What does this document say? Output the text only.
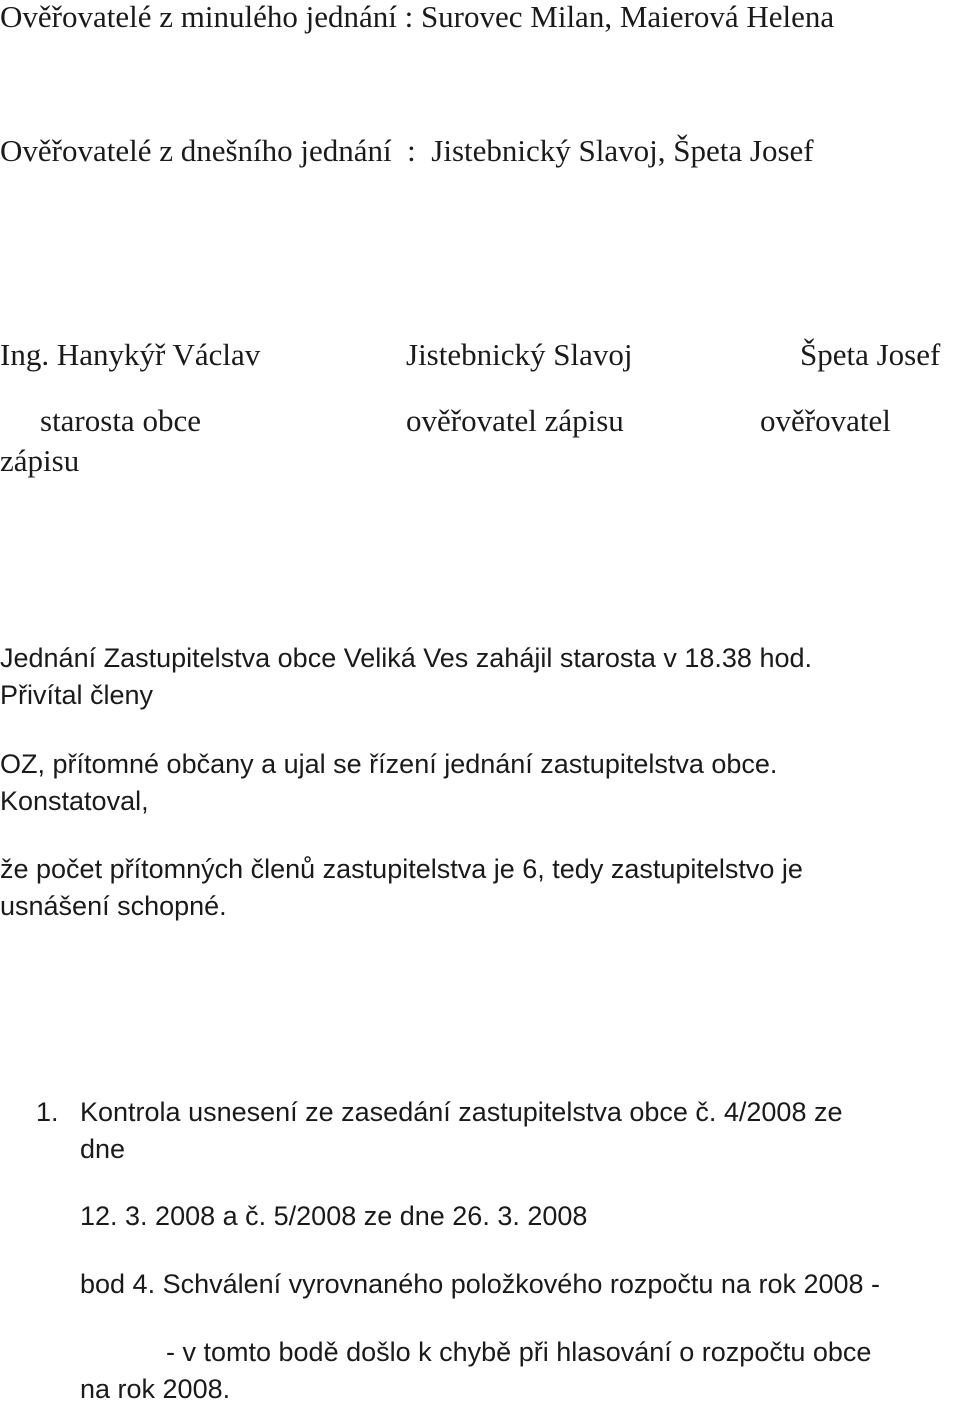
Ověřovatelé z minulého jednání : Surovec Milan, Maierová Helena

Ověřovatelé z dnešního jednání : Jistebnický Slavoj, Špeta Josef

Ing. Hanykýř Václav	Jistebnický Slavoj	Špeta Josef
starosta obce	ověřovatel zápisu	ověřovatel
zápisu
Jednání Zastupitelstva obce Veliká Ves zahájil starosta v 18.38 hod.
Přivítal členy
OZ, přítomné občany a ujal se řízení jednání zastupitelstva obce.
Konstatoval,
že počet přítomných členů zastupitelstva je 6, tedy zastupitelstvo je
usnášení schopné.
1. Kontrola usnesení ze zasedání zastupitelstva obce č. 4/2008 ze
dne
12. 3. 2008 a č. 5/2008 ze dne 26. 3. 2008
bod 4. Schválení vyrovnaného položkového rozpočtu na rok 2008 -
- v tomto bodě došlo k chybě při hlasování o rozpočtu obce
na rok 2008.
